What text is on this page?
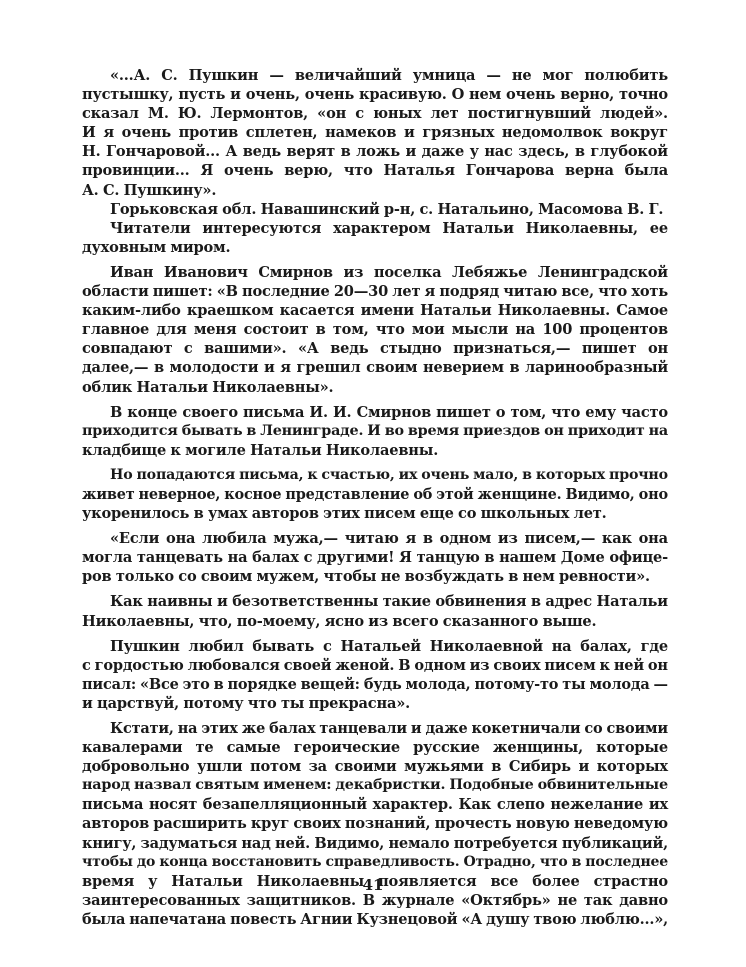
«...А. С. Пушкин — величайший умница — не мог полюбить
пустышку, пусть и очень, очень красивую. О нем очень верно, точно
сказал М. Ю. Лермонтов, «он с юных лет постигнувший людей».
И я очень против сплетен, намеков и грязных недомолвок вокруг
Н. Гончаровой... А ведь верят в ложь и даже у нас здесь, в глубокой
провинции... Я очень верю, что Наталья Гончарова верна была
А. С. Пушкину».
Горьковская обл. Навашинский р-н, с. Натальино, Масомова В. Г.
Читатели интересуются характером Натальи Николаевны, ее
духовным миром.
Иван Иванович Смирнов из поселка Лебяжье Ленинградской
области пишет: «В последние 20—30 лет я подряд читаю все, что хоть
каким-либо краешком касается имени Натальи Николаевны. Самое
главное для меня состоит в том, что мои мысли на 100 процентов
совпадают с вашими». «А ведь стыдно признаться,— пишет он
далее,— в молодости и я грешил своим неверием в ларинообразный
облик Натальи Николаевны».
В конце своего письма И. И. Смирнов пишет о том, что ему часто
приходится бывать в Ленинграде. И во время приездов он приходит на
кладбище к могиле Натальи Николаевны.
Но попадаются письма, к счастью, их очень мало, в которых прочно
живет неверное, косное представление об этой женщине. Видимо, оно
укоренилось в умах авторов этих писем еще со школьных лет.
«Если она любила мужа,— читаю я в одном из писем,— как она
могла танцевать на балах с другими! Я танцую в нашем Доме офице-
ров только со своим мужем, чтобы не возбуждать в нем ревности».
Как наивны и безответственны такие обвинения в адрес Натальи
Николаевны, что, по-моему, ясно из всего сказанного выше.
Пушкин любил бывать с Натальей Николаевной на балах, где
с гордостью любовался своей женой. В одном из своих писем к ней он
писал: «Все это в порядке вещей: будь молода, потому-то ты молода —
и царствуй, потому что ты прекрасна».
Кстати, на этих же балах танцевали и даже кокетничали со своими
кавалерами те самые героические русские женщины, которые
добровольно ушли потом за своими мужьями в Сибирь и которых
народ назвал святым именем: декабристки. Подобные обвинительные
письма носят безапелляционный характер. Как слепо нежелание их
авторов расширить круг своих познаний, прочесть новую неведомую
книгу, задуматься над ней. Видимо, немало потребуется публикаций,
чтобы до конца восстановить справедливость. Отрадно, что в последнее
время у Натальи Николаевны появляется все более страстно
заинтересованных защитников. В журнале «Октябрь» не так давно
была напечатана повесть Агнии Кузнецовой «А душу твою люблю...»,
41
